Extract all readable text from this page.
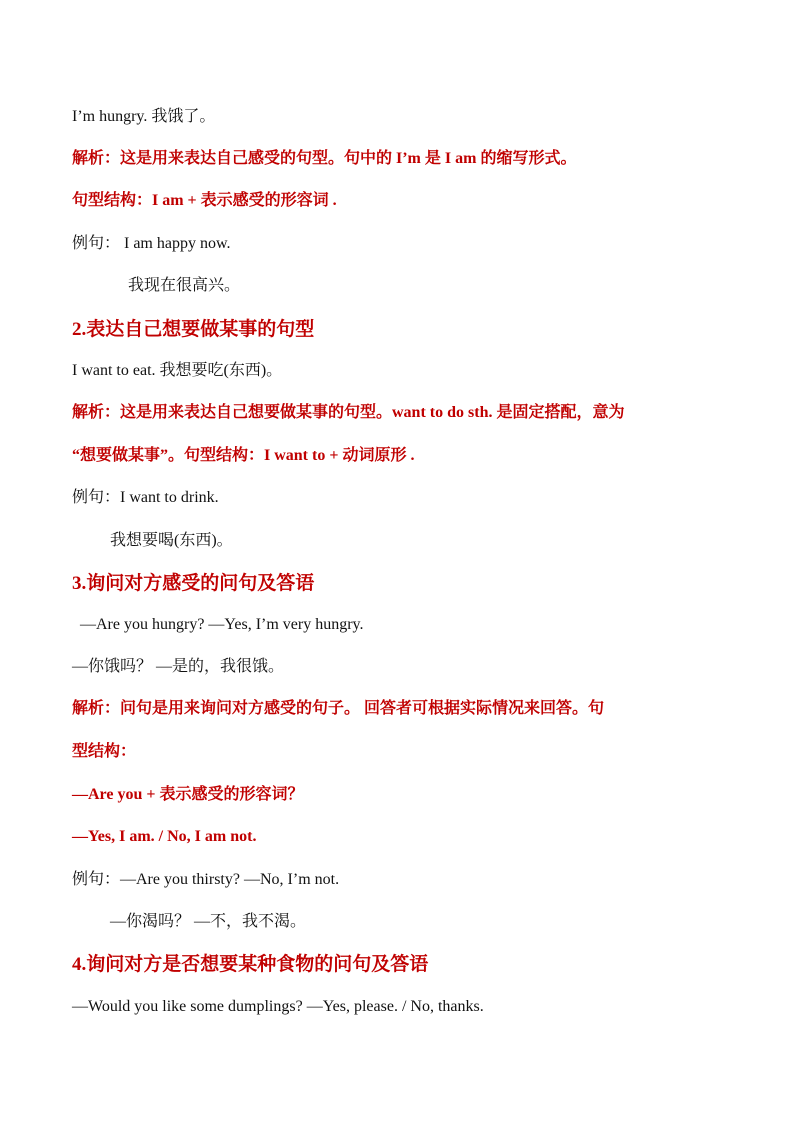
I’m hungry. 我饿了。
解析：这是用来表达自己感受的句型。句中的 I’m 是 I am 的缩写形式。
句型结构：I am + 表示感受的形容词 .
例句： I am happy now.
我现在很高兴。
2.表达自己想要做某事的句型
I want to eat. 我想要吃(东西)。
解析：这是用来表达自己想要做某事的句型。want to do sth. 是固定搭配，意为
“想要做某事”。句型结构：I want to + 动词原形 .
例句：I want to drink.
我想要喝(东西)。
3.询问对方感受的问句及答语
—Are you hungry? —Yes, I’m very hungry.
—你饿吗？ —是的，我很饿。
解析：问句是用来询问对方感受的句子。 回答者可根据实际情况来回答。句
型结构：
—Are you + 表示感受的形容词？
—Yes, I am. / No, I am not.
例句：—Are you thirsty? —No, I’m not.
—你渴吗？ —不，我不渴。
4.询问对方是否想要某种食物的问句及答语
—Would you like some dumplings? —Yes, please. / No, thanks.
